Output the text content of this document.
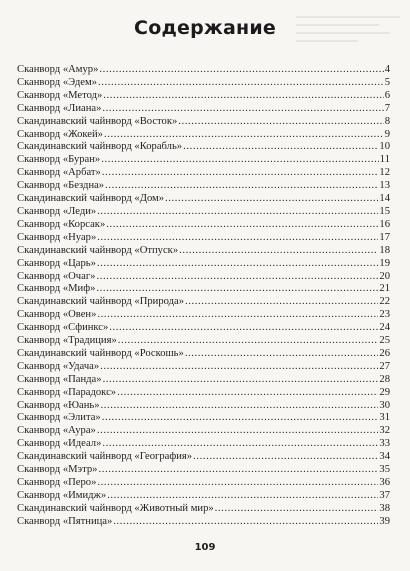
Содержание
Сканворд «Амур» .....	4
Сканворд «Эдем» .....	5
Сканворд «Метод» .....	6
Сканворд «Лиана» .....	7
Скандинавский чайнворд «Восток» .....	8
Сканворд «Жокей» .....	9
Скандинавский чайнворд «Корабль» .....	10
Сканворд «Буран» .....	11
Сканворд «Арбат» .....	12
Сканворд «Бездна» .....	13
Скандинавский чайнворд «Дом» .....	14
Сканворд «Леди» .....	15
Сканворд «Корсак» .....	16
Сканворд «Нуар» .....	17
Скандинавский чайнворд «Отпуск» .....	18
Сканворд «Царь» .....	19
Сканворд «Очаг» .....	20
Сканворд «Миф» .....	21
Скандинавский чайнворд «Природа» .....	22
Сканворд «Овен» .....	23
Сканворд «Сфинкс» .....	24
Сканворд «Традиция» .....	25
Скандинавский чайнворд «Роскошь» .....	26
Сканворд «Удача» .....	27
Сканворд «Панда» .....	28
Сканворд «Парадокс» .....	29
Сканворд «Юань» .....	30
Сканворд «Элита» .....	31
Сканворд «Аура» .....	32
Сканворд «Идеал» .....	33
Скандинавский чайнворд «География» .....	34
Сканворд «Мэтр» .....	35
Сканворд «Перо» .....	36
Сканворд «Имидж» .....	37
Скандинавский чайнворд «Животный мир» .....	38
Сканворд «Пятница» .....	39
109
